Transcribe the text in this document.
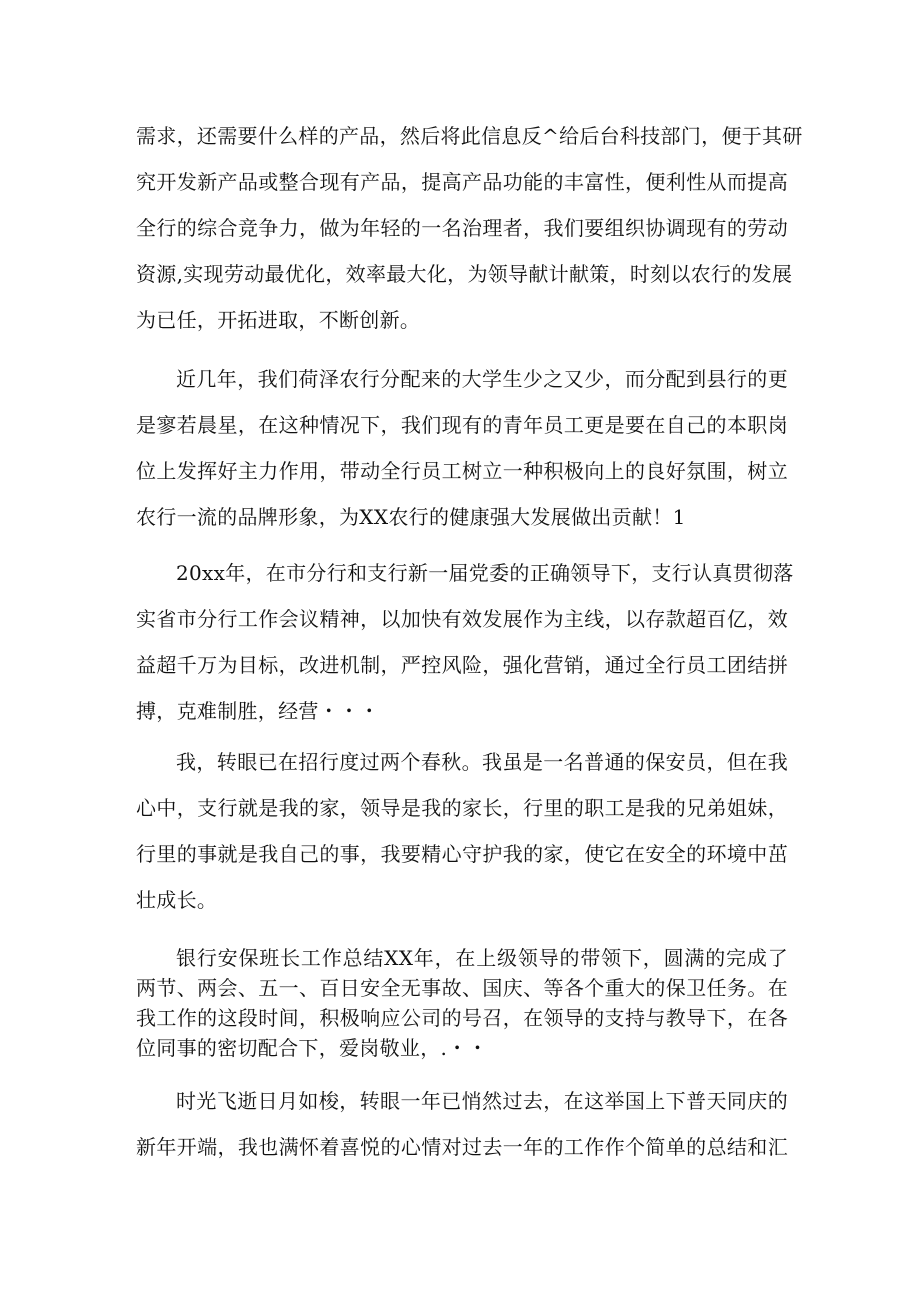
需求，还需要什么样的产品，然后将此信息反^给后台科技部门，便于其研
究开发新产品或整合现有产品，提高产品功能的丰富性，便利性从而提高
全行的综合竞争力，做为年轻的一名治理者，我们要组织协调现有的劳动
资源,实现劳动最优化，效率最大化，为领导献计献策，时刻以农行的发展
为已任，开拓进取，不断创新。
近几年，我们荷泽农行分配来的大学生少之又少，而分配到县行的更
是寥若晨星，在这种情况下，我们现有的青年员工更是要在自己的本职岗
位上发挥好主力作用，带动全行员工树立一种积极向上的良好氛围，树立
农行一流的品牌形象，为XX农行的健康强大发展做出贡献！1
20xx年，在市分行和支行新一届党委的正确领导下，支行认真贯彻落
实省市分行工作会议精神，以加快有效发展作为主线，以存款超百亿，效
益超千万为目标，改进机制，严控风险，强化营销，通过全行员工团结拼
搏，克难制胜，经营・・・
我，转眼已在招行度过两个春秋。我虽是一名普通的保安员，但在我
心中，支行就是我的家，领导是我的家长，行里的职工是我的兄弟姐妹，
行里的事就是我自己的事，我要精心守护我的家，使它在安全的环境中茁
壮成长。
银行安保班长工作总结XX年，在上级领导的带领下，圆满的完成了
两节、两会、五一、百日安全无事故、国庆、等各个重大的保卫任务。在
我工作的这段时间，积极响应公司的号召，在领导的支持与教导下，在各
位同事的密切配合下，爱岗敬业，.・・
时光飞逝日月如梭，转眼一年已悄然过去，在这举国上下普天同庆的
新年开端，我也满怀着喜悦的心情对过去一年的工作作个简单的总结和汇
